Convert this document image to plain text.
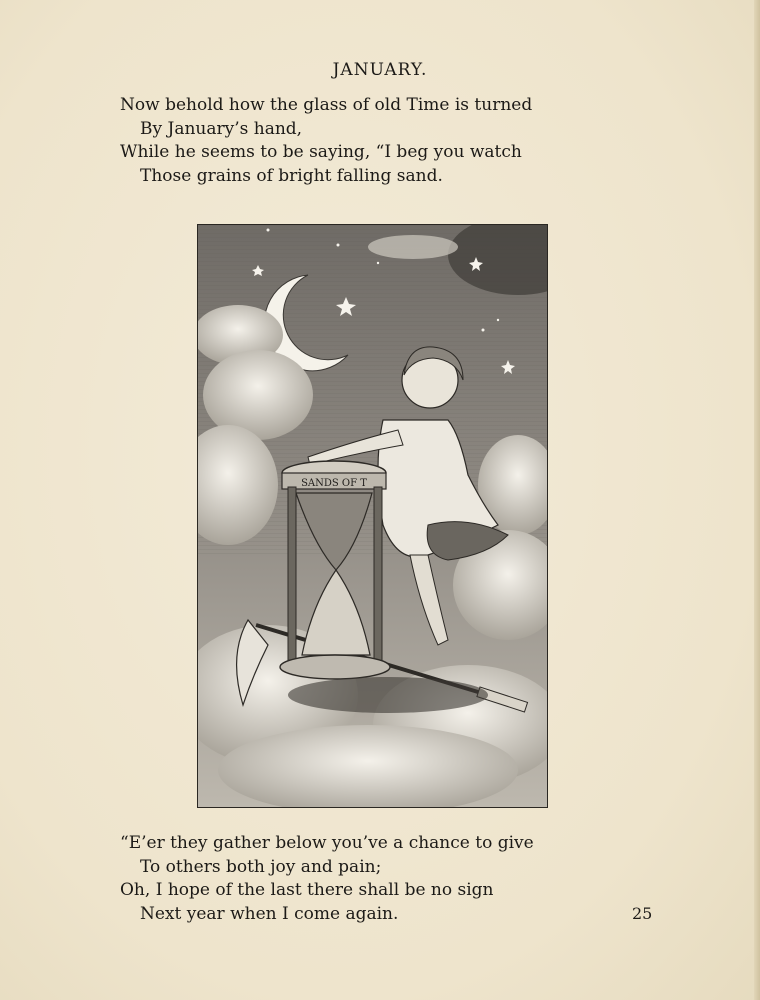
JANUARY.
Now behold how the glass of old Time is turned
By January’s hand,
While he seems to be saying, “I beg you watch
Those grains of bright falling sand.
SANDS OF T
“E’er they gather below you’ve a chance to give
To others both joy and pain;
Oh, I hope of the last there shall be no sign
Next year when I come again.	25
